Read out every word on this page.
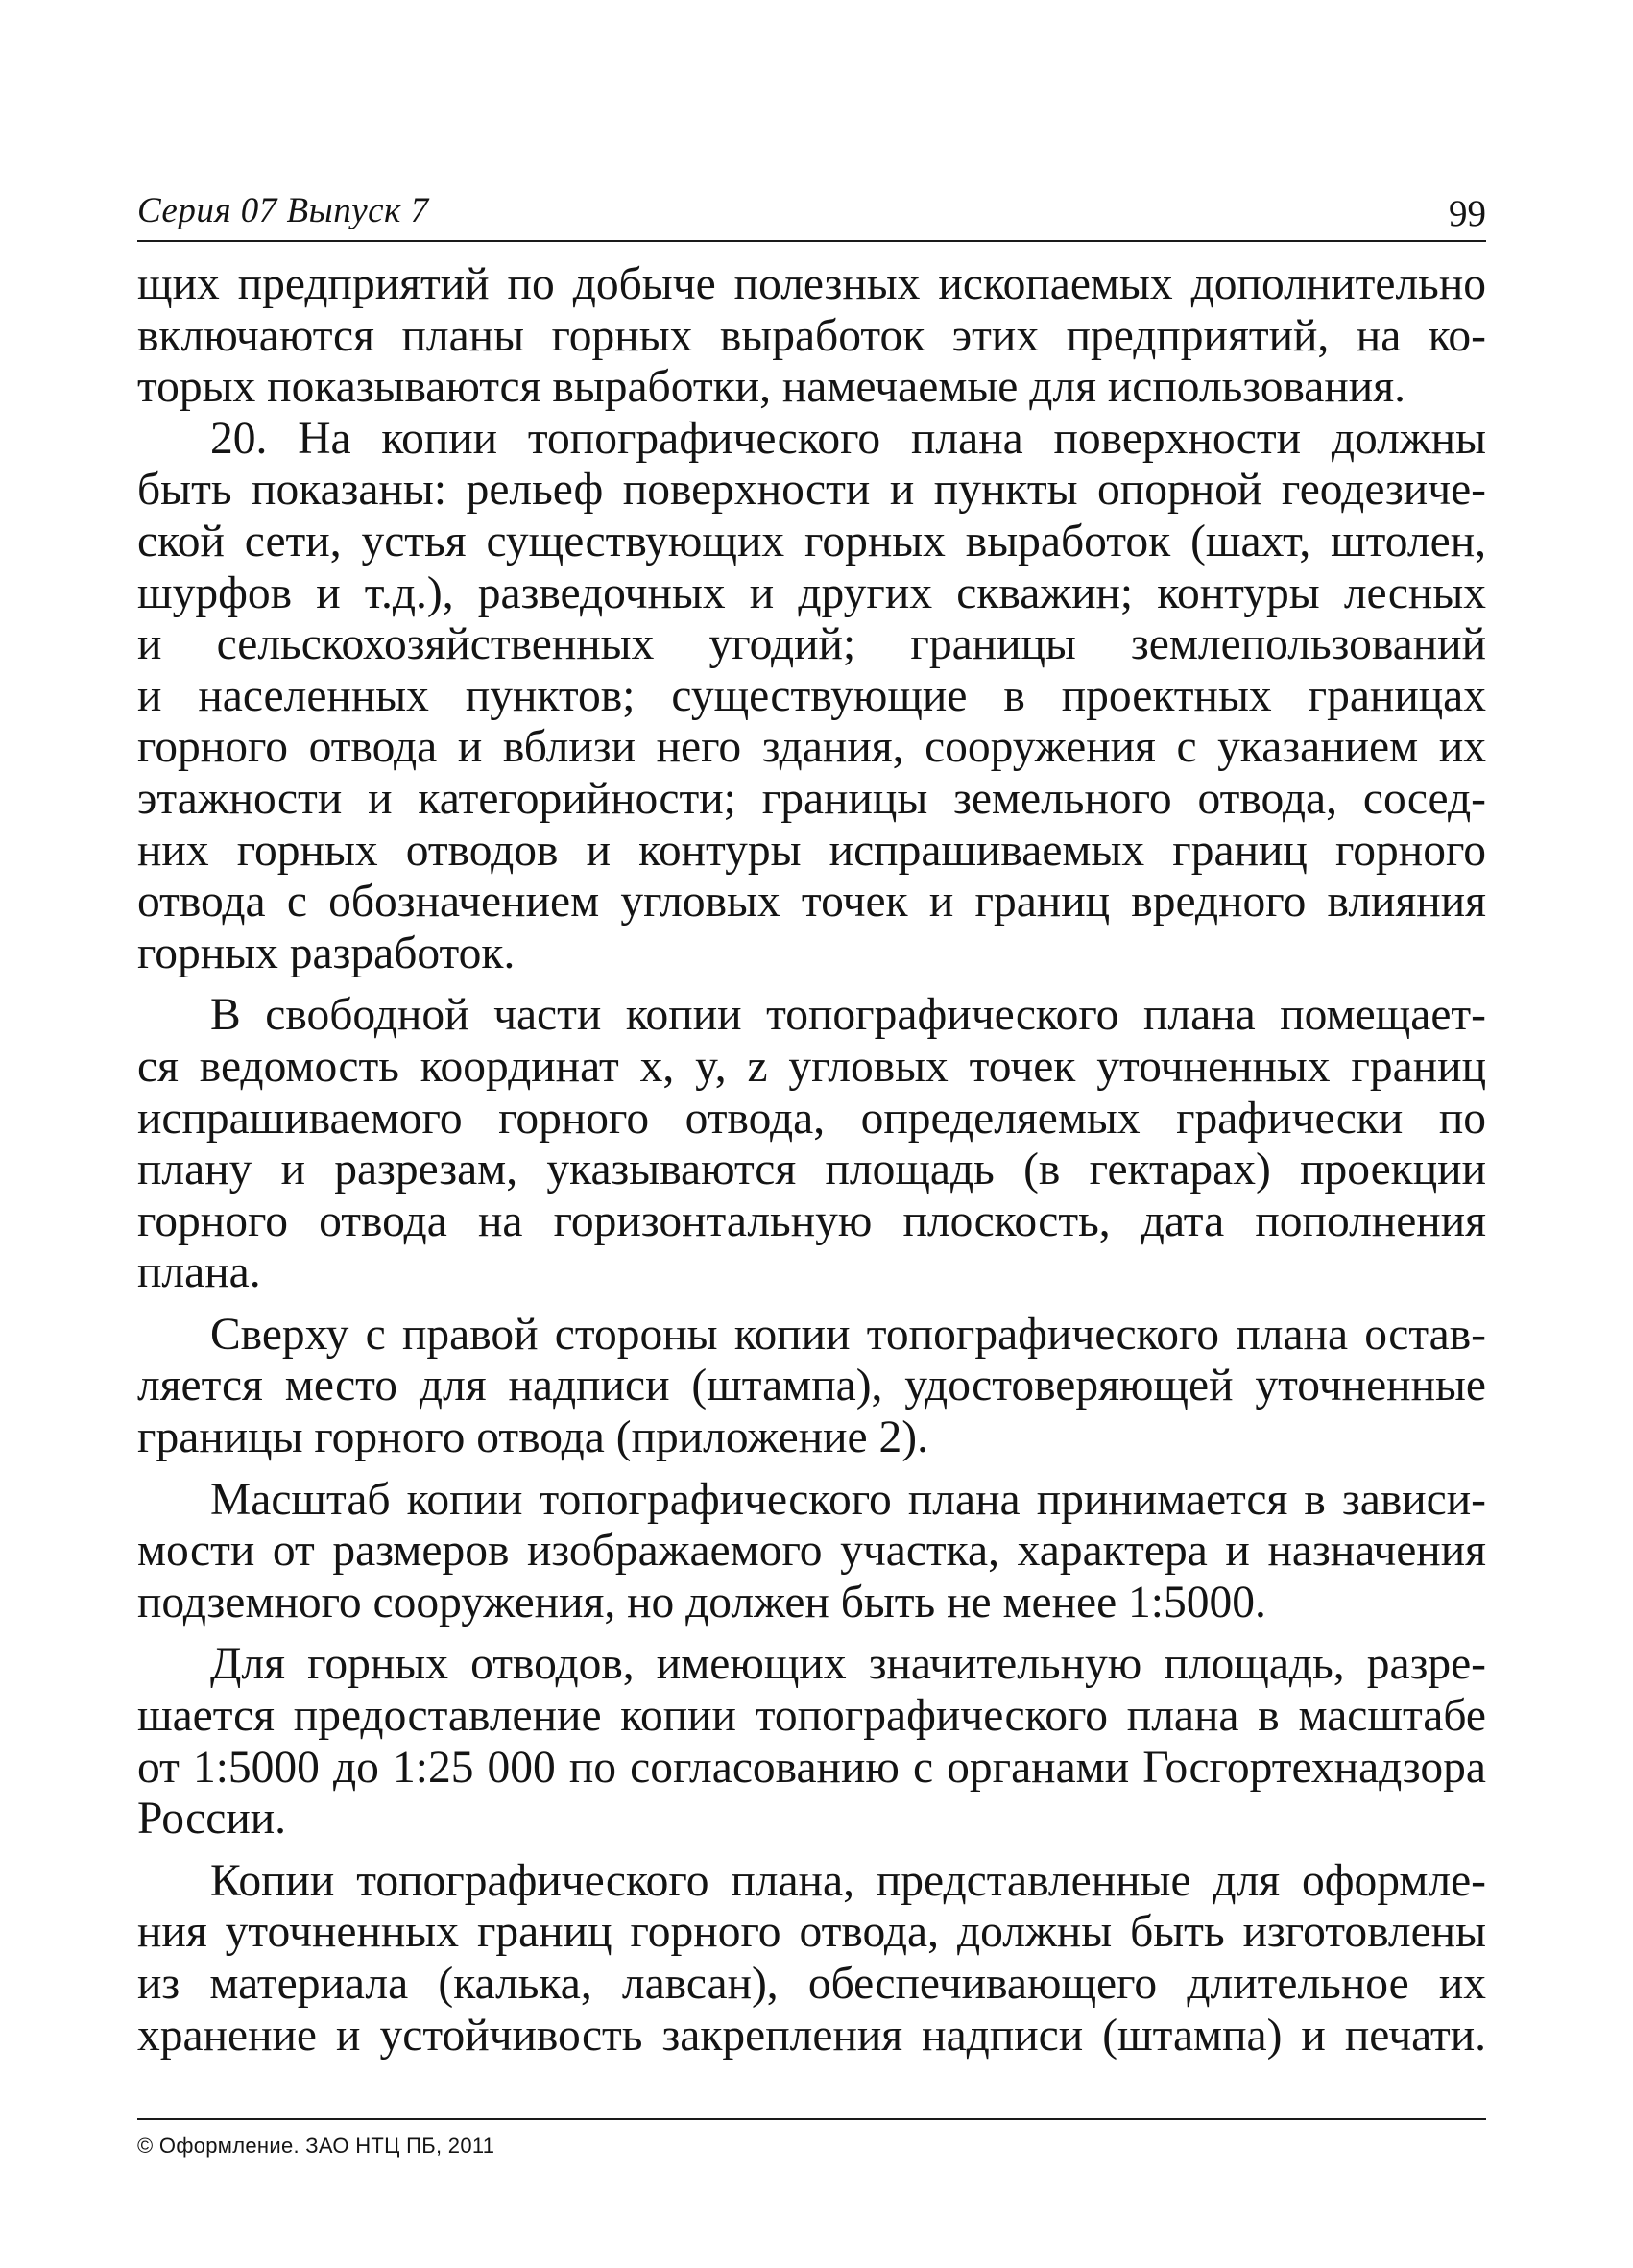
Серия 07 Выпуск 7	99

щих предприятий по добыче полезных ископаемых дополнительно
включаются планы горных выработок этих предприятий, на ко-
торых показываются выработки, намечаемые для использования.

20. На копии топографического плана поверхности должны
быть показаны: рельеф поверхности и пункты опорной геодезиче-
ской сети, устья существующих горных выработок (шахт, штолен,
шурфов и т.д.), разведочных и других скважин; контуры лесных
и сельскохозяйственных угодий; границы землепользований
и населенных пунктов; существующие в проектных границах
горного отвода и вблизи него здания, сооружения с указанием их
этажности и категорийности; границы земельного отвода, сосед-
них горных отводов и контуры испрашиваемых границ горного
отвода с обозначением угловых точек и границ вредного влияния
горных разработок.

В свободной части копии топографического плана помещает-
ся ведомость координат x, y, z угловых точек уточненных границ
испрашиваемого горного отвода, определяемых графически по
плану и разрезам, указываются площадь (в гектарах) проекции
горного отвода на горизонтальную плоскость, дата пополнения
плана.

Сверху с правой стороны копии топографического плана остав-
ляется место для надписи (штампа), удостоверяющей уточненные
границы горного отвода (приложение 2).

Масштаб копии топографического плана принимается в зависи-
мости от размеров изображаемого участка, характера и назначения
подземного сооружения, но должен быть не менее 1:5000.

Для горных отводов, имеющих значительную площадь, разре-
шается предоставление копии топографического плана в масштабе
от 1:5000 до 1:25 000 по согласованию с органами Госгортехнадзора
России.

Копии топографического плана, представленные для оформле-
ния уточненных границ горного отвода, должны быть изготовлены
из материала (калька, лавсан), обеспечивающего длительное их
хранение и устойчивость закрепления надписи (штампа) и печати.

© Оформление. ЗАО НТЦ ПБ, 2011
